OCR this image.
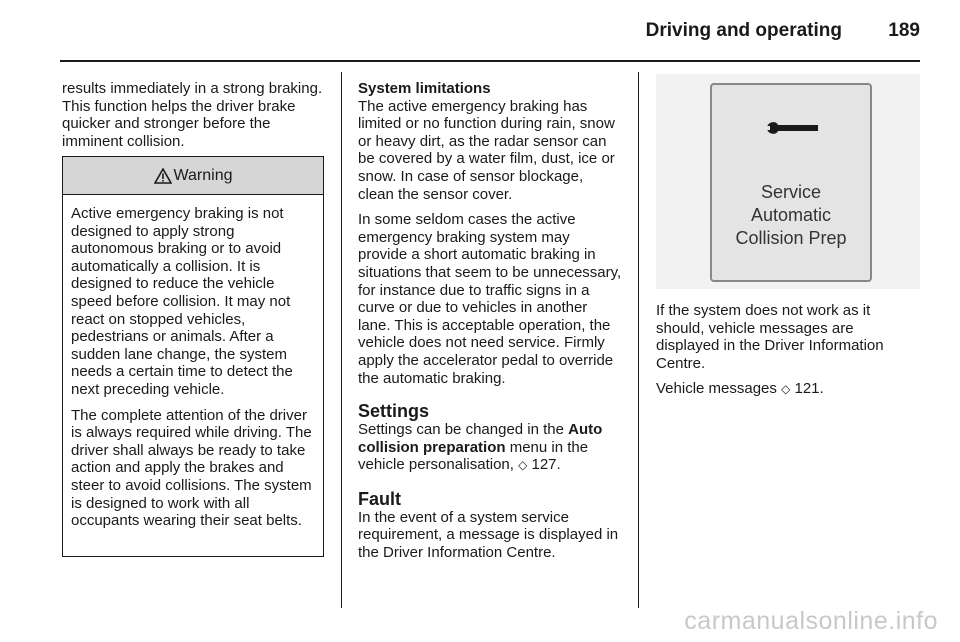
Driving and operating 189

results immediately in a strong braking. This function helps the driver brake quicker and stronger before the imminent collision.

Warning

Active emergency braking is not designed to apply strong autonomous braking or to avoid automatically a collision. It is designed to reduce the vehicle speed before collision. It may not react on stopped vehicles, pedestrians or animals. After a sudden lane change, the system needs a certain time to detect the next preceding vehicle.

The complete attention of the driver is always required while driving. The driver shall always be ready to take action and apply the brakes and steer to avoid collisions. The system is designed to work with all occupants wearing their seat belts.

System limitations

The active emergency braking has limited or no function during rain, snow or heavy dirt, as the radar sensor can be covered by a water film, dust, ice or snow. In case of sensor blockage, clean the sensor cover.

In some seldom cases the active emergency braking system may provide a short automatic braking in situations that seem to be unnecessary, for instance due to traffic signs in a curve or due to vehicles in another lane. This is acceptable operation, the vehicle does not need service. Firmly apply the accelerator pedal to override the automatic braking.

Settings

Settings can be changed in the Auto collision preparation menu in the vehicle personalisation, ◇ 127.

Fault

In the event of a system service requirement, a message is displayed in the Driver Information Centre.

Service
Automatic
Collision Prep

If the system does not work as it should, vehicle messages are displayed in the Driver Information Centre.

Vehicle messages ◇ 121.

carmanualsonline.info
